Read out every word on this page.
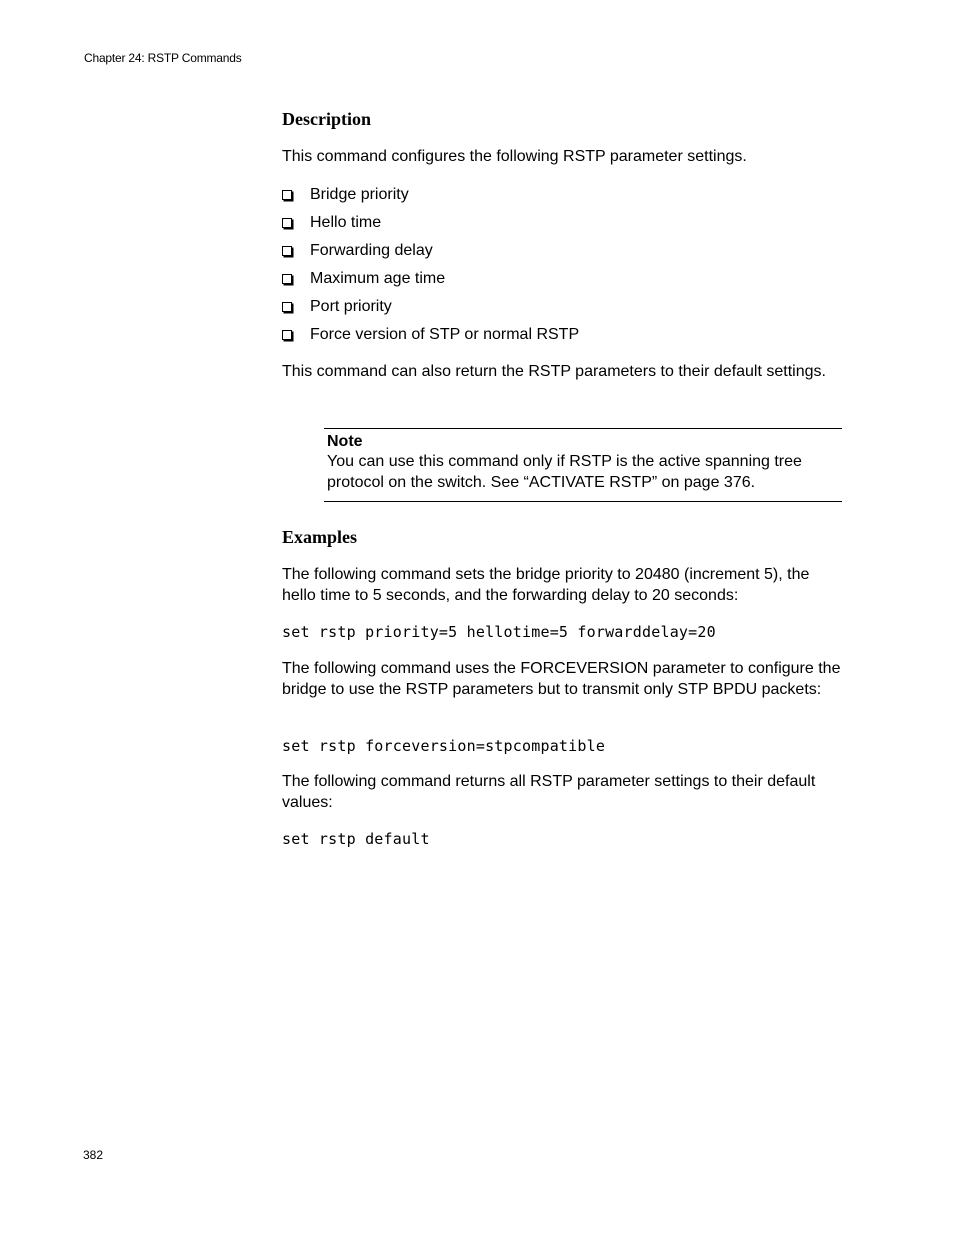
Chapter 24: RSTP Commands
Description
This command configures the following RSTP parameter settings.
Bridge priority
Hello time
Forwarding delay
Maximum age time
Port priority
Force version of STP or normal RSTP
This command can also return the RSTP parameters to their default settings.
Note
You can use this command only if RSTP is the active spanning tree protocol on the switch. See “ACTIVATE RSTP” on page 376.
Examples
The following command sets the bridge priority to 20480 (increment 5), the hello time to 5 seconds, and the forwarding delay to 20 seconds:
set rstp priority=5 hellotime=5 forwarddelay=20
The following command uses the FORCEVERSION parameter to configure the bridge to use the RSTP parameters but to transmit only STP BPDU packets:
set rstp forceversion=stpcompatible
The following command returns all RSTP parameter settings to their default values:
set rstp default
382
